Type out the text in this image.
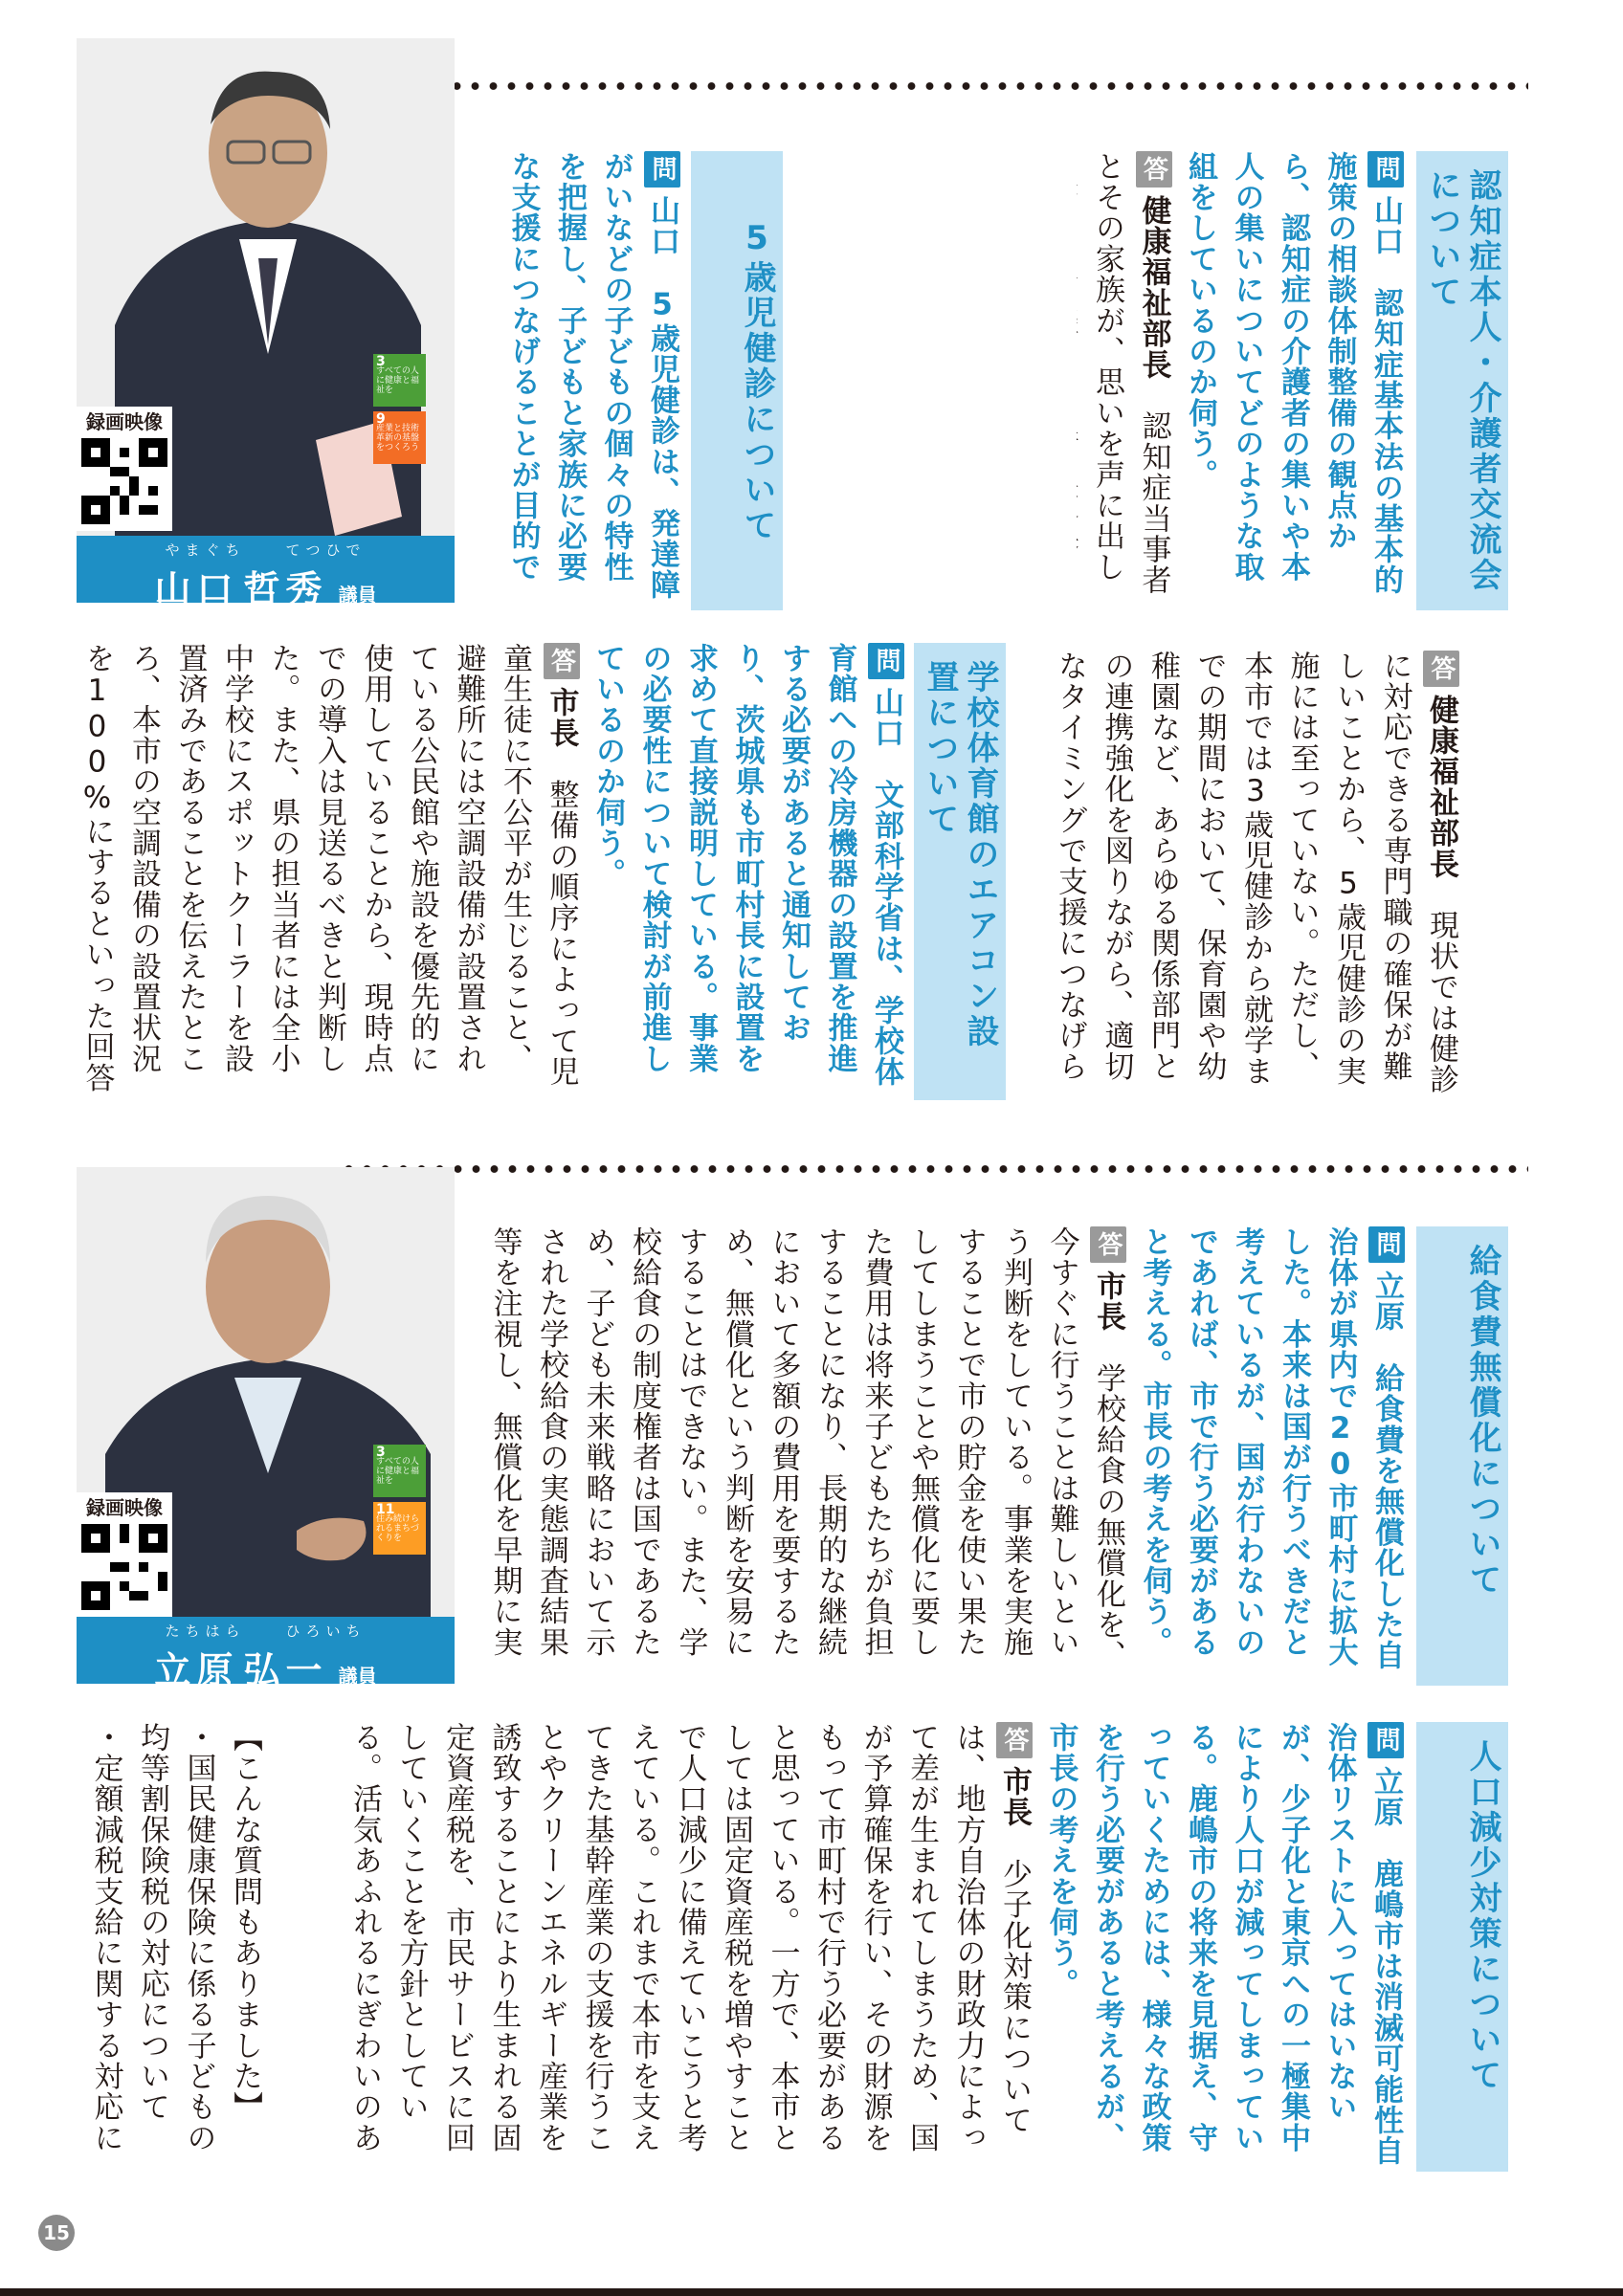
認知症本人・介護者交流会について
問山口　認知症基本法の基本的施策の相談体制整備の観点から、認知症の介護者の集いや本人の集いについてどのような取組をしているのか伺う。
答健康福祉部長　認知症当事者とその家族が、思いを声に出し
5歳児健診について
問山口　5歳児健診は、発達障がいなどの子どもの個々の特性を把握し、子どもと家族に必要な支援につなげることが目的で
答健康福祉部長　現状では健診に対応できる専門職の確保が難しいことから、5歳児健診の実施には至っていない。ただし、本市では3歳児健診から就学までの期間において、保育園や幼稚園など、あらゆる関係部門との連携強化を図りながら、適切なタイミングで支援につなげら
学校体育館のエアコン設置について
問山口　文部科学省は、学校体育館への冷房機器の設置を推進する必要があると通知しており、茨城県も市町村長に設置を求めて直接説明している。事業の必要性について検討が前進しているのか伺う。
答市長　整備の順序によって児童生徒に不公平が生じること、避難所には空調設備が設置されている公民館や施設を優先的に使用していることから、現時点での導入は見送るべきと判断した。また、県の担当者には全小中学校にスポットクーラーを設置済みであることを伝えたところ、本市の空調設備の設置状況を100%にするといった回答
給食費無償化について
問立原　給食費を無償化した自治体が県内で20市町村に拡大した。本来は国が行うべきだと考えているが、国が行わないのであれば、市で行う必要があると考える。市長の考えを伺う。
答市長　学校給食の無償化を、今すぐに行うことは難しいという判断をしている。事業を実施することで市の貯金を使い果たしてしまうことや無償化に要した費用は将来子どもたちが負担することになり、長期的な継続において多額の費用を要するため、無償化という判断を安易にすることはできない。また、学校給食の制度権者は国であるため、子ども未来戦略において示された学校給食の実態調査結果等を注視し、無償化を早期に実
人口減少対策について
問立原　鹿嶋市は消滅可能性自治体リストに入ってはいないが、少子化と東京への一極集中により人口が減ってしまっている。鹿嶋市の将来を見据え、守っていくためには、様々な政策を行う必要があると考えるが、市長の考えを伺う。
答市長　少子化対策については、地方自治体の財政力によって差が生まれてしまうため、国が予算確保を行い、その財源をもって市町村で行う必要があると思っている。一方で、本市としては固定資産税を増やすことで人口減少に備えていこうと考えている。これまで本市を支えてきた基幹産業の支援を行うことやクリーンエネルギー産業を誘致することにより生まれる固定資産税を、市民サービスに回していくことを方針としている。活気あふれるにぎわいのあ
【こんな質問もありました】
・国民健康保険に係る子どもの均等割保険税の対応について
・定額減税支給に関する対応に
録画映像
3
すべての人に健康と福祉を
9
産業と技術革新の基盤をつくろう
やまぐち　　	てつひで
山口 哲秀 議員
録画映像
3
すべての人に健康と福祉を
11
住み続けられるまちづくりを
たちはら　　	ひろいち
立原 弘一 議員
15
